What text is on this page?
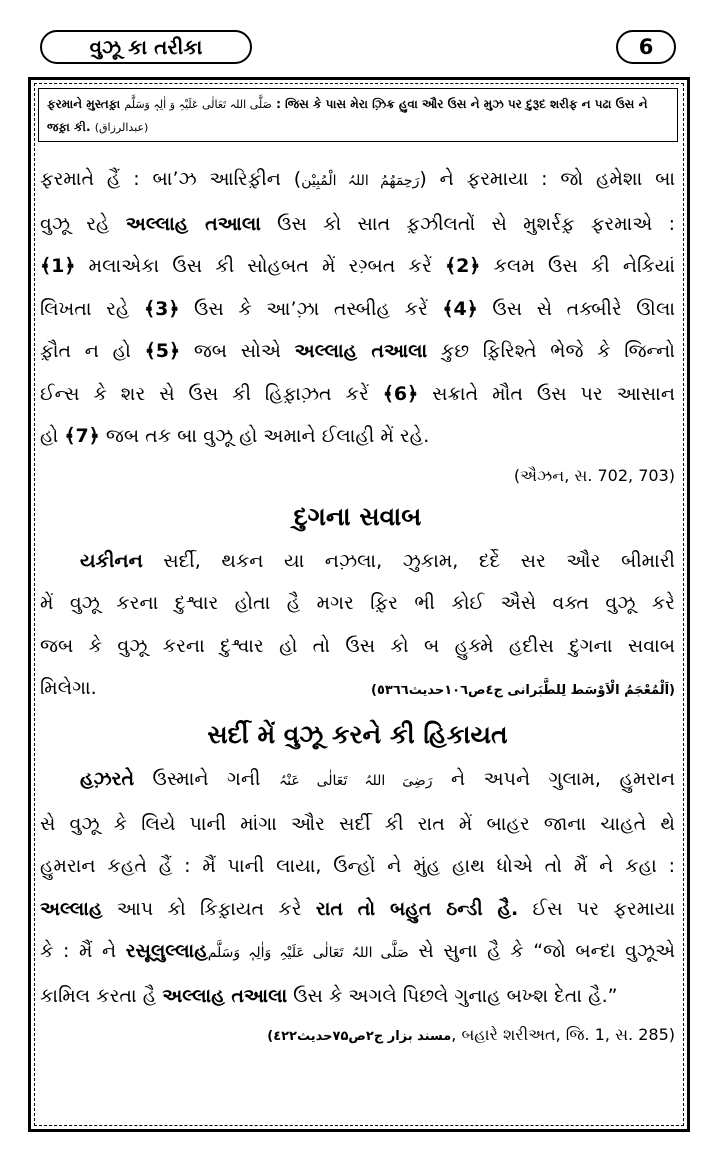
વુઝૂ કા તરીકા	6
ફરમાને મુસ્તફ઼ા صَلَّی اللہ تَعَالٰی عَلَیْہِ وَ اٰلِہٖ وَسَلَّم : જિસ કે પાસ મેરા ઝ઼િક્ર હુવા ઔર ઉસ ને મુઝ પર દુરૂદ શરીફ ન પઢા ઉસ ને જફ઼ા કી. (عبدالرزاق)

ફરમાતે હૈં : બા’ઝ આરિફ઼ીન (رَحِمَھُمُ اللہُ الْمُبِیْن) ને ફરમાયા : જો હમેશા બા

વુઝૂ રહે અલ્લાહ તઆલા ઉસ કો સાત ફ઼ઝીલતોં સે મુશર્રફ઼ ફરમાએ :

﴾1﴿ મલાએકા ઉસ કી સોહબત મેં રગ઼્બત કરેં ﴾2﴿ કલમ ઉસ કી નેકિયાં

લિખતા રહે ﴾3﴿ ઉસ કે આ’ઝ઼ા તસ્બીહ કરેં ﴾4﴿ ઉસ સે તક્બીરે ઊલા

ફ઼ૌત ન હો ﴾5﴿ જબ સોએ અલ્લાહ તઆલા કુછ ફ઼િરિશ્તે ભેજે કે જિન્નો

ઈન્સ કે શર સે ઉસ કી હિફ઼ાઝ઼ત કરેં ﴾6﴿ સક્રાતે મૌત ઉસ પર આસાન

હો ﴾7﴿ જબ તક બા વુઝૂ હો અમાને ઈલાહી મેં રહે.

(ઐઝન, સ. 702, 703)

દુગના સવાબ

યકીનન સર્દી, થકન યા નઝ઼લા, ઝુકામ, દર્દે સર ઔર બીમારી

મેં વુઝૂ કરના દુશ્વાર હોતા હૈ મગર ફ઼િર ભી કોઈ ઐસે વક્ત વુઝૂ કરે

જબ કે વુઝૂ કરના દુશ્વાર હો તો ઉસ કો બ હુક્મે હદીસ દુગના સવાબ

મિલેગા.	(اَلْمُعْجَمُ الْاَوْسَط لِلطَّبَرانی ج٤ص١٠٦حدیث٥٣٦٦)

સર્દી મેં વુઝૂ કરને કી હિકાયત

હઝ઼રતે ઉસ્માને ગની رَضِیَ اللہُ تَعَالٰی عَنْہُ ને અપને ગુલામ, હુમરાન

સે વુઝૂ કે લિયે પાની માંગા ઔર સર્દી કી રાત મેં બાહર જાના ચાહતે થે

હુમરાન કહતે હૈં : મૈં પાની લાયા, ઉન્હોં ને મુંહ હાથ ધોએ તો મૈં ને કહા :

અલ્લાહ આપ કો કિફ઼ાયત કરે રાત તો બહુત ઠન્ડી હૈ. ઈસ પર ફરમાયા

કે : મૈં ને રસૂલુલ્લાહصَلَّی اللہُ تَعَالٰی عَلَیْہِ وَاٰلِہٖ وَسَلَّم સે સુના હૈ કે “જો બન્દા વુઝૂએ

કામિલ કરતા હૈ અલ્લાહ તઆલા ઉસ કે અગલે પિછલે ગુનાહ બખ્શ દેતા હૈ.”

(مسند بزار ج۲ص۷۵حدیث٤٢٢, બહારે શરીઅત, જિ. 1, સ. 285)
